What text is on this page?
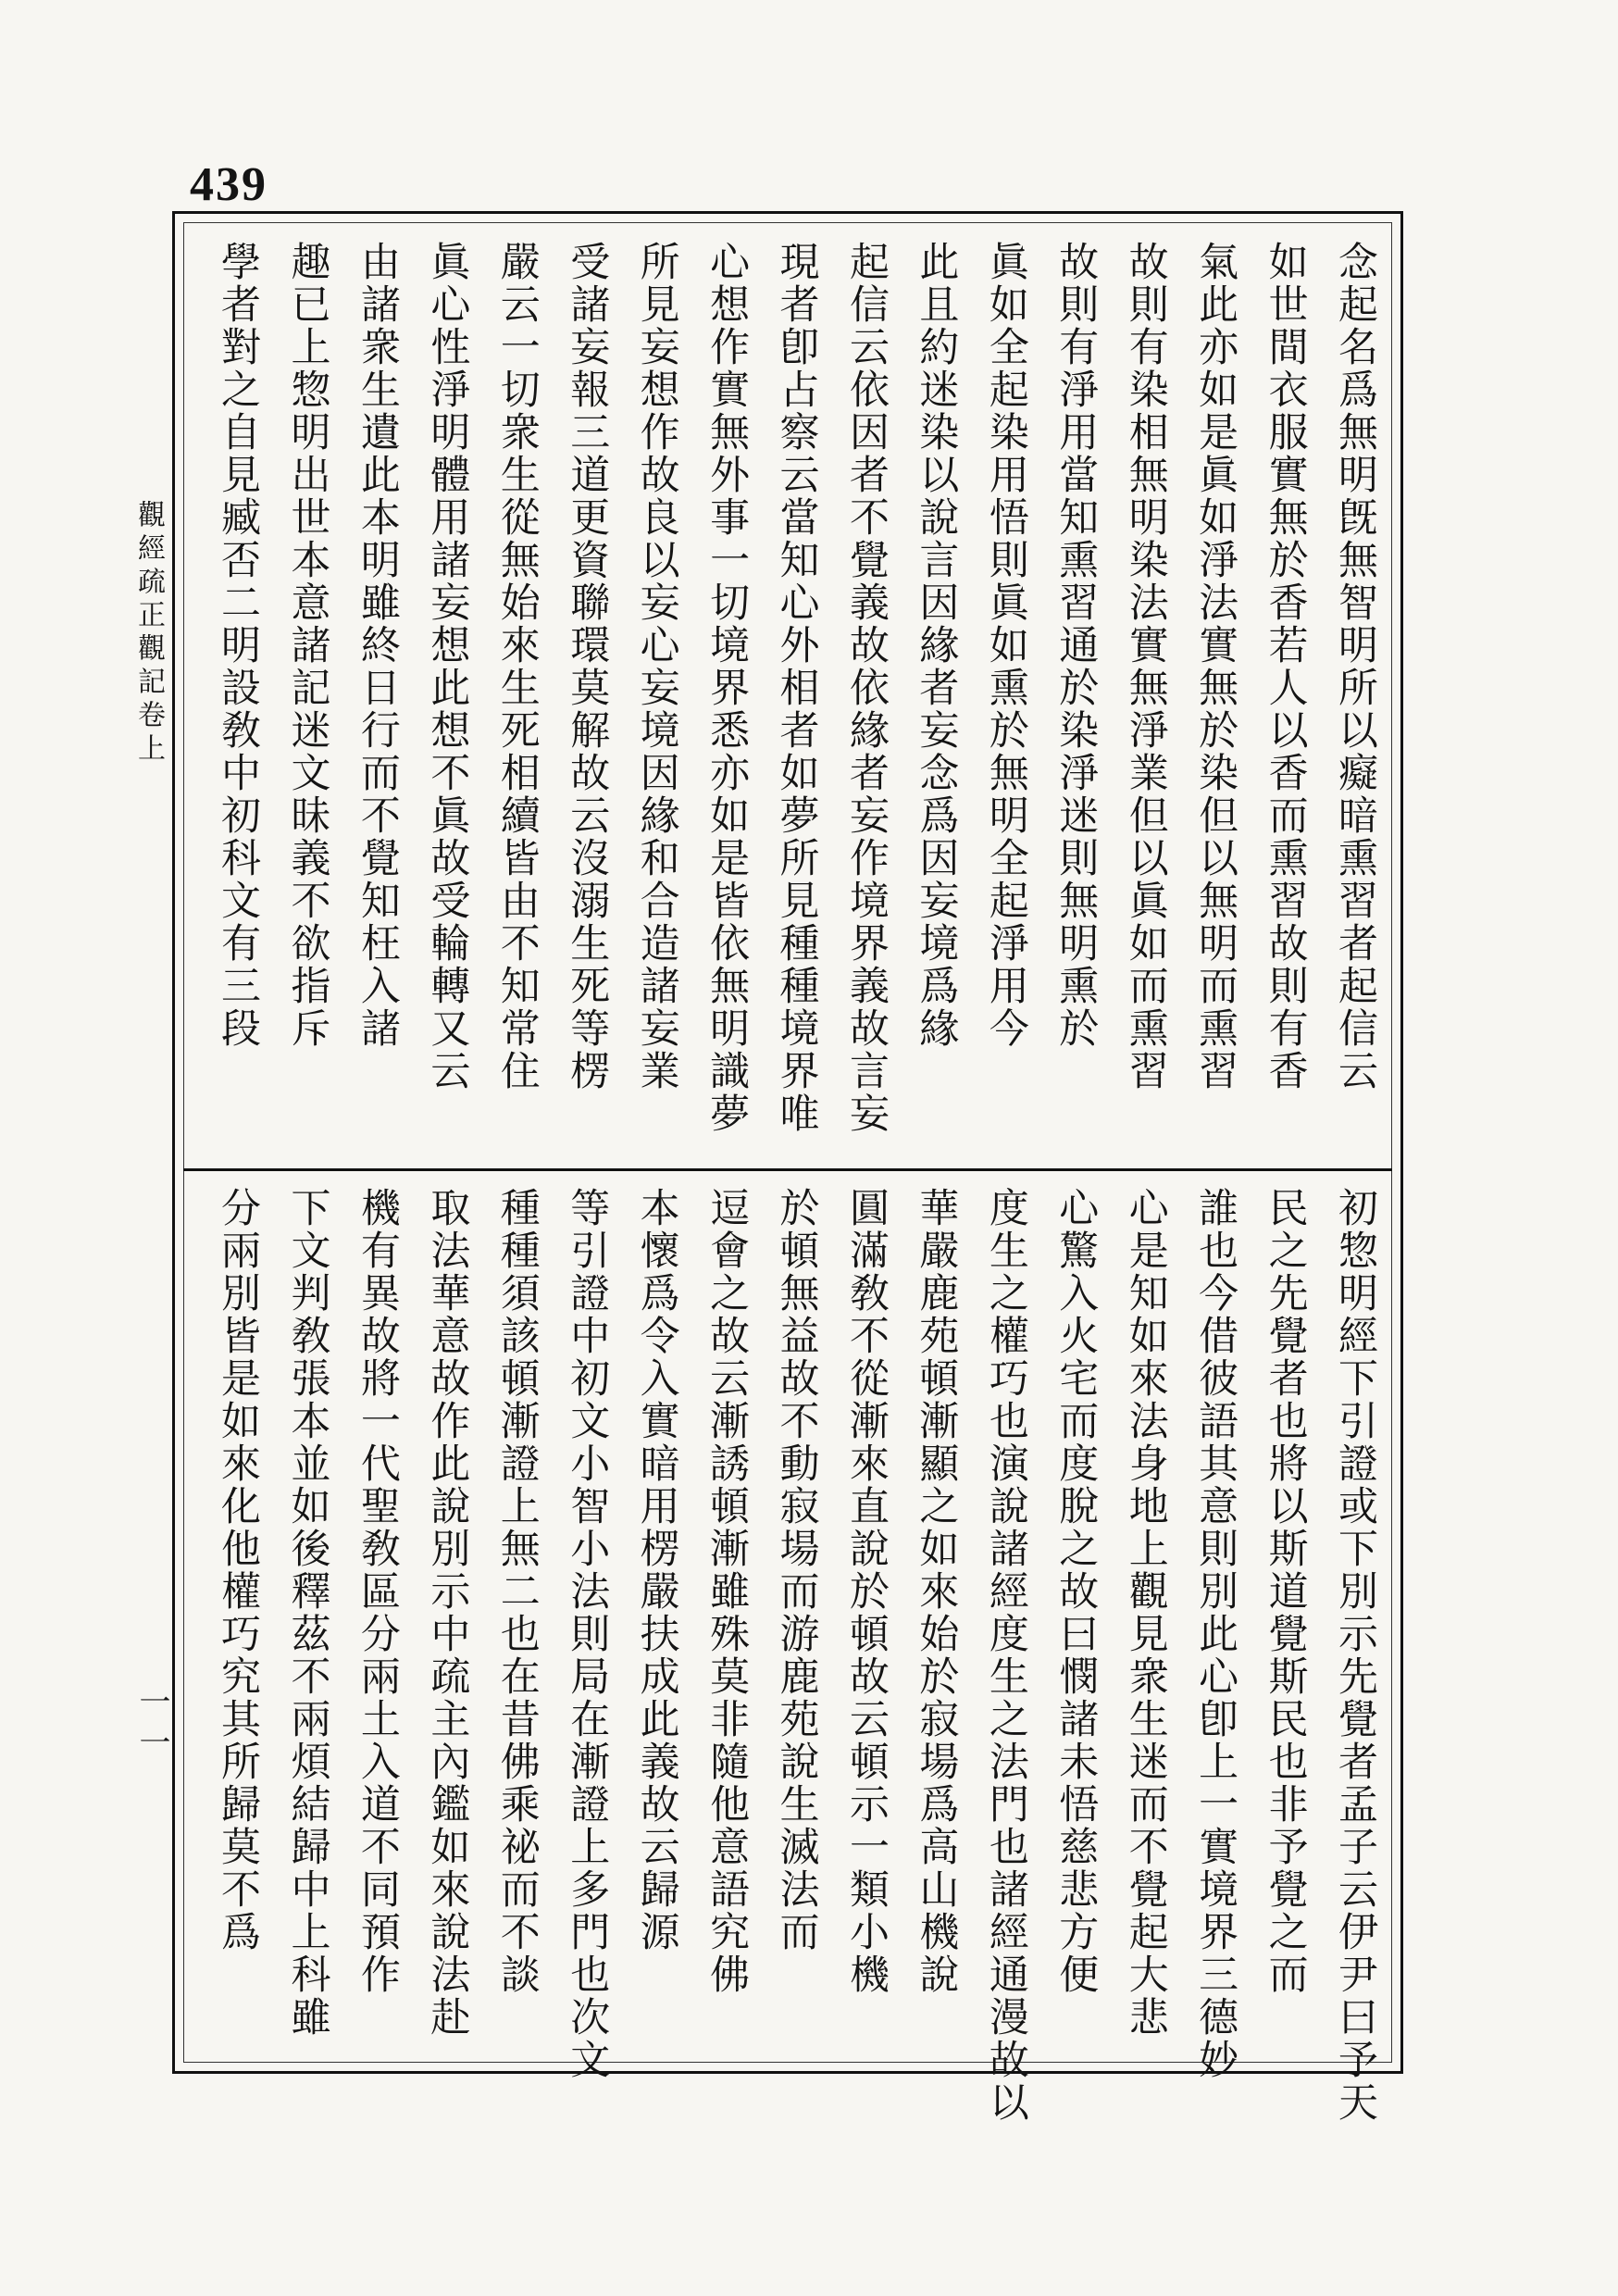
439
觀經疏正觀記卷上
一一
念起名爲無明旣無智明所以癡暗熏習者起信云
如世間衣服實無於香若人以香而熏習故則有香
氣此亦如是眞如淨法實無於染但以無明而熏習
故則有染相無明染法實無淨業但以眞如而熏習
故則有淨用當知熏習通於染淨迷則無明熏於
眞如全起染用悟則眞如熏於無明全起淨用今
此且約迷染以說言因緣者妄念爲因妄境爲緣
起信云依因者不覺義故依緣者妄作境界義故言妄
現者卽占察云當知心外相者如夢所見種種境界唯
心想作實無外事一切境界悉亦如是皆依無明識夢
所見妄想作故良以妄心妄境因緣和合造諸妄業
受諸妄報三道更資聯環莫解故云沒溺生死等楞
嚴云一切衆生從無始來生死相續皆由不知常住
眞心性淨明體用諸妄想此想不眞故受輪轉又云
由諸衆生遺此本明雖終日行而不覺知枉入諸
趣已上惣明出世本意諸記迷文昧義不欲指斥
學者對之自見臧否二明設敎中初科文有三段
初惣明經下引證或下別示先覺者孟子云伊尹曰予天
民之先覺者也將以斯道覺斯民也非予覺之而
誰也今借彼語其意則別此心卽上一實境界三德妙
心是知如來法身地上觀見衆生迷而不覺起大悲
心驚入火宅而度脫之故曰憫諸未悟慈悲方便
度生之權巧也演說諸經度生之法門也諸經通漫故以
華嚴鹿苑頓漸顯之如來始於寂場爲高山機說
圓滿敎不從漸來直說於頓故云頓示一類小機
於頓無益故不動寂場而游鹿苑說生滅法而
逗會之故云漸誘頓漸雖殊莫非隨他意語究佛
本懷爲令入實暗用楞嚴扶成此義故云歸源
等引證中初文小智小法則局在漸證上多門也次文
種種須該頓漸證上無二也在昔佛乘祕而不談
取法華意故作此說別示中疏主內鑑如來說法赴
機有異故將一代聖敎區分兩土入道不同預作
下文判敎張本並如後釋茲不兩煩結歸中上科雖
分兩別皆是如來化他權巧究其所歸莫不爲
